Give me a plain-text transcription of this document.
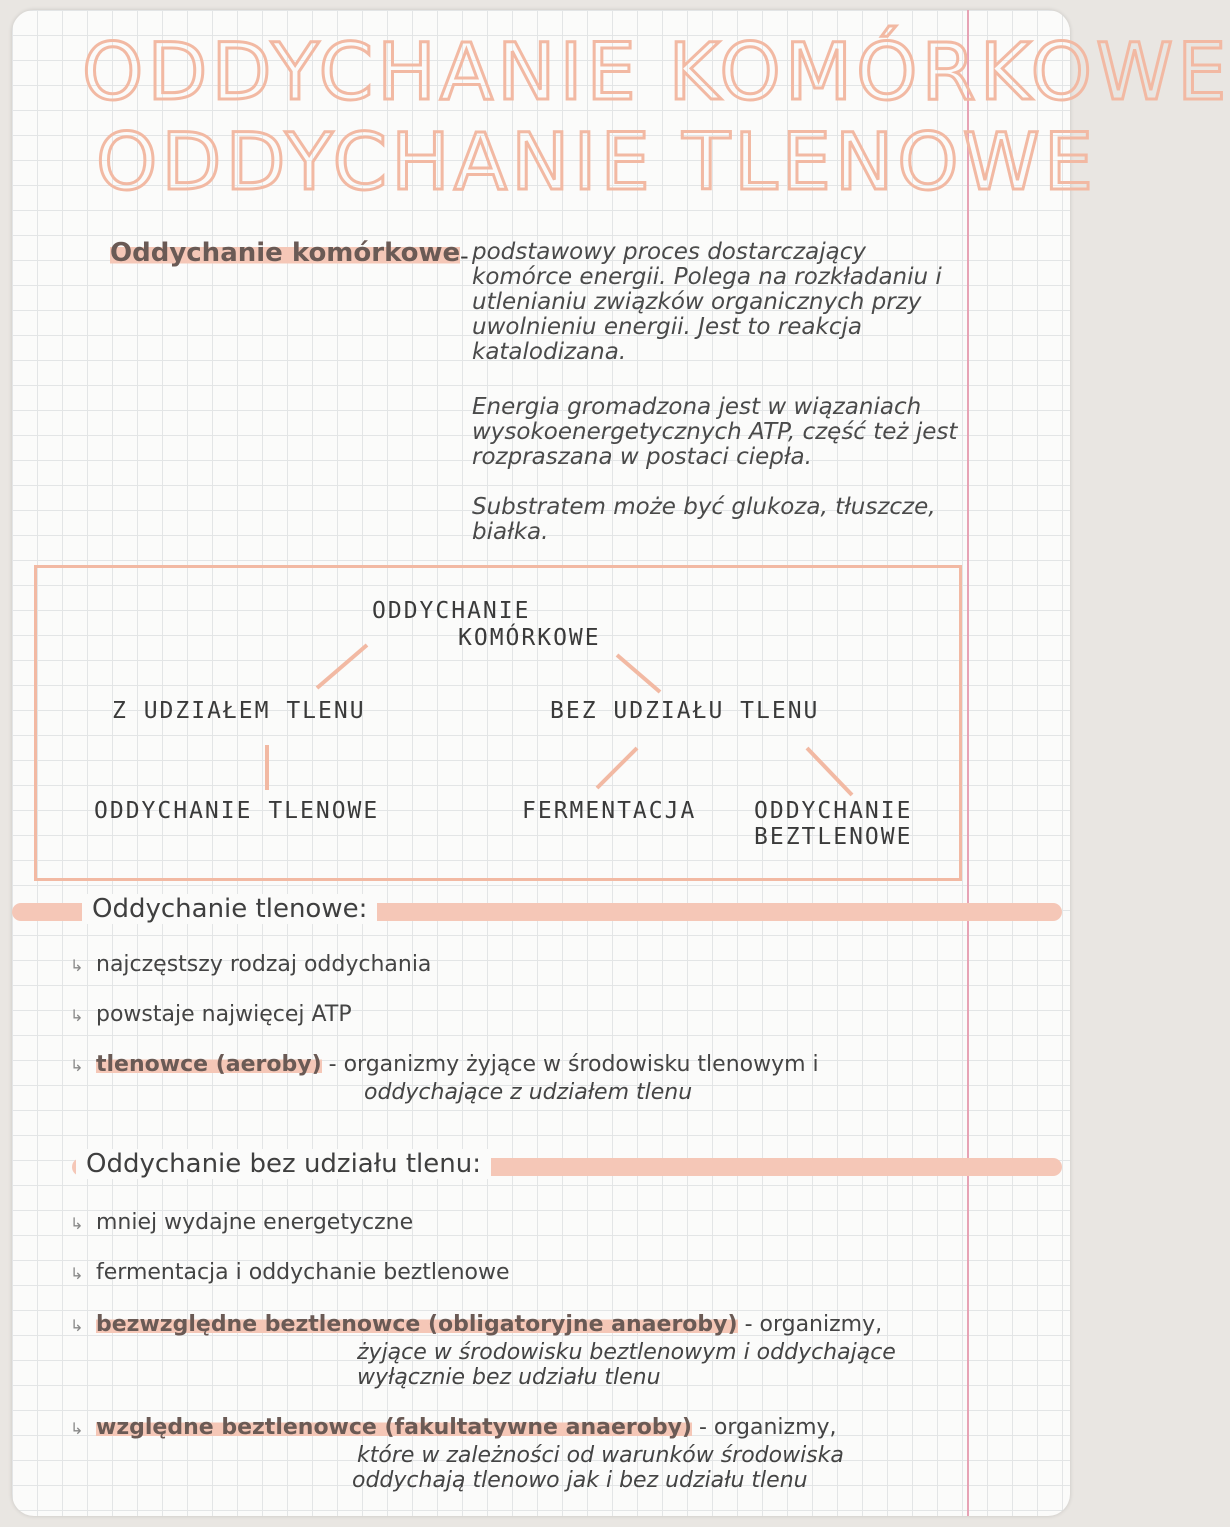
ODDYCHANIE KOMÓRKOWE
ODDYCHANIE TLENOWE
Oddychanie komórkowe - podstawowy proces dostarczający komórce energii. Polega na rozkładaniu i utlenianiu związków organicznych przy uwolnieniu energii. Jest to reakcja katalodizana.
Energia gromadzona jest w wiązaniach wysokoenergetycznych ATP, część też jest rozpraszana w postaci ciepła.
Substratem może być glukoza, tłuszcze, białka.
ODDYCHANIE
KOMÓRKOWE
Z UDZIAŁEM TLENU	BEZ UDZIAŁU TLENU
ODDYCHANIE TLENOWE	FERMENTACJA	ODDYCHANIE
BEZTLENOWE
Oddychanie tlenowe:
↳ najczęstszy rodzaj oddychania
↳ powstaje najwięcej ATP
↳ tlenowce (aeroby) - organizmy żyjące w środowisku tlenowym i
oddychające z udziałem tlenu
Oddychanie bez udziału tlenu:
↳ mniej wydajne energetyczne
↳ fermentacja i oddychanie beztlenowe
↳ bezwzględne beztlenowce (obligatoryjne anaeroby) - organizmy,
żyjące w środowisku beztlenowym i oddychające
wyłącznie bez udziału tlenu
↳ względne beztlenowce (fakultatywne anaeroby) - organizmy,
które w zależności od warunków środowiska
oddychają tlenowo jak i bez udziału tlenu
